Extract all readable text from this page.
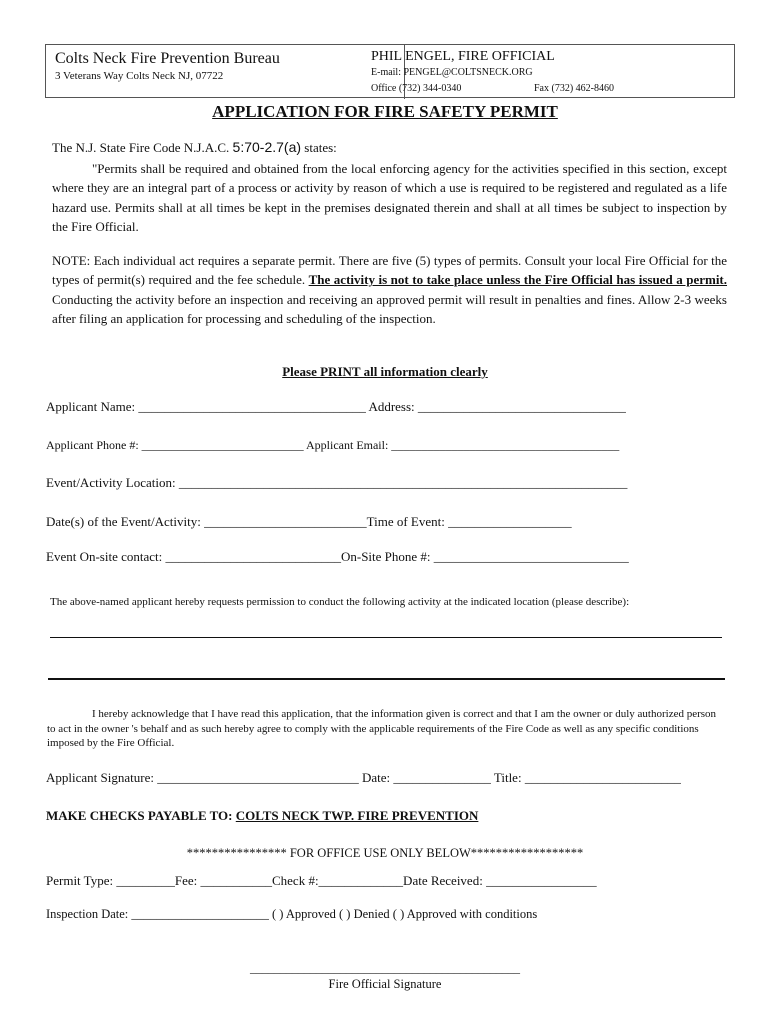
Colts Neck Fire Prevention Bureau
3 Veterans Way Colts Neck NJ, 07722
PHIL ENGEL, FIRE OFFICIAL
E-mail: PENGEL@COLTSNECK.ORG
Office (732) 344-0340	Fax (732) 462-8460
APPLICATION FOR FIRE SAFETY PERMIT
The N.J. State Fire Code N.J.A.C. 5:70-2.7(a) states:
"Permits shall be required and obtained from the local enforcing agency for the activities specified in this section, except where they are an integral part of a process or activity by reason of which a use is required to be registered and regulated as a life hazard use. Permits shall at all times be kept in the premises designated therein and shall at all times be subject to inspection by the Fire Official.
NOTE: Each individual act requires a separate permit. There are five (5) types of permits. Consult your local Fire Official for the types of permit(s) required and the fee schedule. The activity is not to take place unless the Fire Official has issued a permit. Conducting the activity before an inspection and receiving an approved permit will result in penalties and fines. Allow 2-3 weeks after filing an application for processing and scheduling of the inspection.
Please PRINT all information clearly
Applicant Name: ___________________________________ Address: ________________________________
Applicant Phone #: ___________________________ Applicant Email: ______________________________________
Event/Activity Location: _____________________________________________________________________
Date(s) of the Event/Activity: _________________________Time of Event: ___________________
Event On-site contact: ___________________________On-Site Phone #: ______________________________
The above-named applicant hereby requests permission to conduct the following activity at the indicated location (please describe):
I hereby acknowledge that I have read this application, that the information given is correct and that I am the owner or duly authorized person to act in the owner 's behalf and as such hereby agree to comply with the applicable requirements of the Fire Code as well as any specific conditions imposed by the Fire Official.
Applicant Signature: _______________________________ Date: _______________ Title: ________________________
MAKE CHECKS PAYABLE TO: COLTS NECK TWP. FIRE PREVENTION
**************** FOR OFFICE USE ONLY BELOW******************
Permit Type: _________Fee: ___________Check #:_____________Date Received: _________________
Inspection Date: ______________________ ( ) Approved ( ) Denied ( ) Approved with conditions
_____________________________________________
Fire Official Signature
